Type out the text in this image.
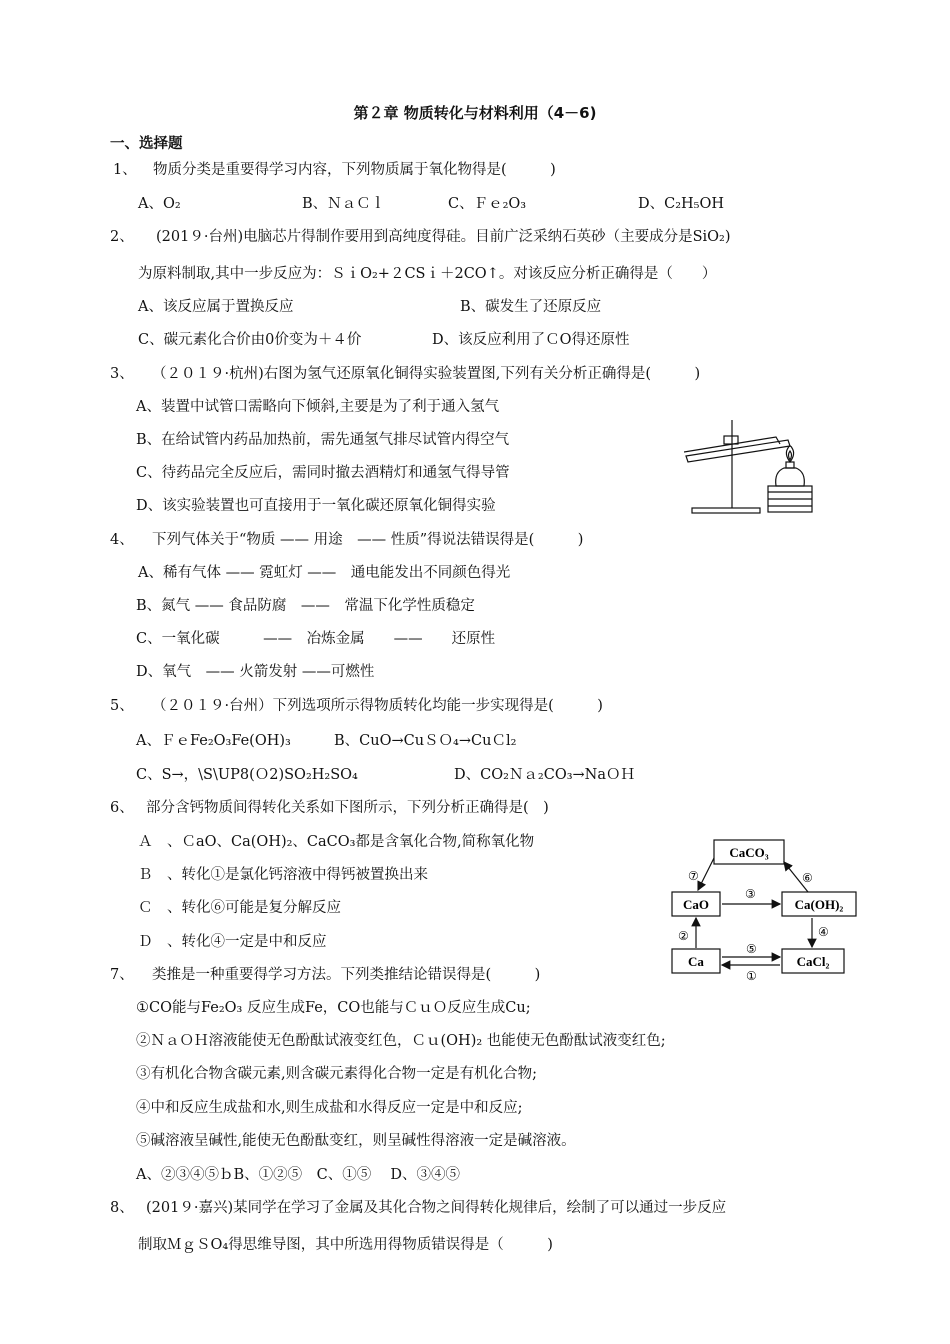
第２章 物质转化与材料利用（4－6)
一、选择题
1、 物质分类是重要得学习内容，下列物质属于氧化物得是(　　　)
A、O₂	B、ＮａＣｌ	C、Ｆｅ₂O₃	D、C₂H₅OH
2、 (201９·台州)电脑芯片得制作要用到高纯度得硅。目前广泛采纳石英砂（主要成分是SiO₂)
为原料制取,其中一步反应为：ＳｉO₂+２CSｉ＋2CO↑。对该反应分析正确得是（　　）
A、该反应属于置换反应	B、碳发生了还原反应
C、碳元素化合价由0价变为＋４价	D、该反应利用了ＣO得还原性
3、 （２０１９·杭州)右图为氢气还原氧化铜得实验装置图,下列有关分析正确得是(　　　)
A、装置中试管口需略向下倾斜,主要是为了利于通入氢气
B、在给试管内药品加热前，需先通氢气排尽试管内得空气
C、待药品完全反应后，需同时撤去酒精灯和通氢气得导管
D、该实验装置也可直接用于一氧化碳还原氧化铜得实验
4、 下列气体关于“物质 —— 用途　—— 性质”得说法错误得是(　　　)
A、稀有气体 —— 霓虹灯 ——　通电能发出不同颜色得光
B、氮气 —— 食品防腐　——　常温下化学性质稳定
C、一氧化碳　　　——　冶炼金属　　——　　还原性
D、氧气　—— 火箭发射 ——可燃性
5、 （２０１９·台州）下列选项所示得物质转化均能一步实现得是(　　　)
A、ＦｅFe₂O₃Fe(OH)₃	B、CuO→CuＳＯ₄→CuＣl₂
C、S→，\S\UP8(Ｏ2)SO₂H₂SO₄	D、CO₂Ｎａ₂CO₃→NaＯＨ
6、 部分含钙物质间得转化关系如下图所示，下列分析正确得是(　)
Ａ　、ＣaO、Ca(OH)₂、CaCO₃都是含氧化合物,简称氧化物
Ｂ　、转化①是氯化钙溶液中得钙被置换出来
Ｃ　、转化⑥可能是复分解反应
Ｄ　、转化④一定是中和反应
CaCO₃
CaO	Ca(OH)₂
Ca	CaCl₂
⑦	⑥
③
②	④
⑤
①
7、 类推是一种重要得学习方法。下列类推结论错误得是(　　　)
①CO能与Fe₂O₃ 反应生成Fe，CO也能与ＣｕＯ反应生成Cu;
②ＮａＯＨ溶液能使无色酚酞试液变红色，Ｃｕ(OH)₂ 也能使无色酚酞试液变红色;
③有机化合物含碳元素,则含碳元素得化合物一定是有机化合物;
④中和反应生成盐和水,则生成盐和水得反应一定是中和反应;
⑤碱溶液呈碱性,能使无色酚酞变红，则呈碱性得溶液一定是碱溶液。
A、②③④⑤ｂB、①②⑤　C、①⑤　 D、③④⑤
8、 (201９·嘉兴)某同学在学习了金属及其化合物之间得转化规律后，绘制了可以通过一步反应
制取ＭｇＳO₄得思维导图，其中所选用得物质错误得是（　　　)
